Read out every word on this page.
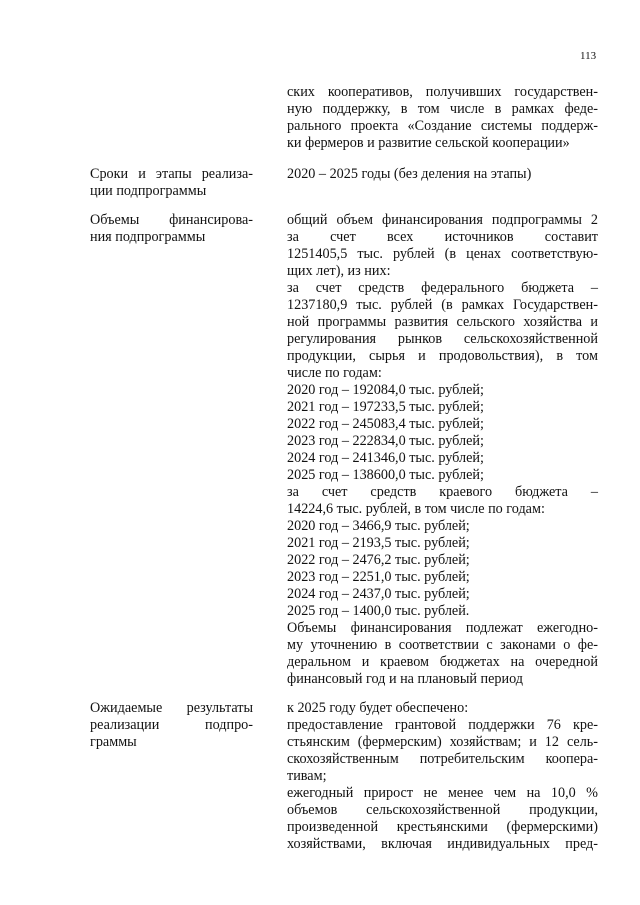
113
ских кооперативов, получивших государствен-
ную поддержку, в том числе в рамках феде-
рального проекта «Создание системы поддерж-
ки фермеров и развитие сельской кооперации»
Сроки и этапы реализа-
ции подпрограммы
2020 – 2025 годы (без деления на этапы)
Объемы финансирова-
ния подпрограммы
общий объем финансирования подпрограммы 2
за счет всех источников составит
1251405,5 тыс. рублей (в ценах соответствую-
щих лет), из них:
за счет средств федерального бюджета –
1237180,9 тыс. рублей (в рамках Государствен-
ной программы развития сельского хозяйства и
регулирования рынков сельскохозяйственной
продукции, сырья и продовольствия), в том
числе по годам:
2020 год – 192084,0 тыс. рублей;
2021 год – 197233,5 тыс. рублей;
2022 год – 245083,4 тыс. рублей;
2023 год – 222834,0 тыс. рублей;
2024 год – 241346,0 тыс. рублей;
2025 год – 138600,0 тыс. рублей;
за счет средств краевого бюджета –
14224,6 тыс. рублей, в том числе по годам:
2020 год – 3466,9 тыс. рублей;
2021 год – 2193,5 тыс. рублей;
2022 год – 2476,2 тыс. рублей;
2023 год – 2251,0 тыс. рублей;
2024 год – 2437,0 тыс. рублей;
2025 год – 1400,0 тыс. рублей.
Объемы финансирования подлежат ежегодно-
му уточнению в соответствии с законами о фе-
деральном и краевом бюджетах на очередной
финансовый год и на плановый период
Ожидаемые результаты
реализации подпро-
граммы
к 2025 году будет обеспечено:
предоставление грантовой поддержки 76 кре-
стьянским (фермерским) хозяйствам; и 12 сель-
скохозяйственным потребительским коопера-
тивам;
ежегодный прирост не менее чем на 10,0 %
объемов сельскохозяйственной продукции,
произведенной крестьянскими (фермерскими)
хозяйствами, включая индивидуальных пред-
